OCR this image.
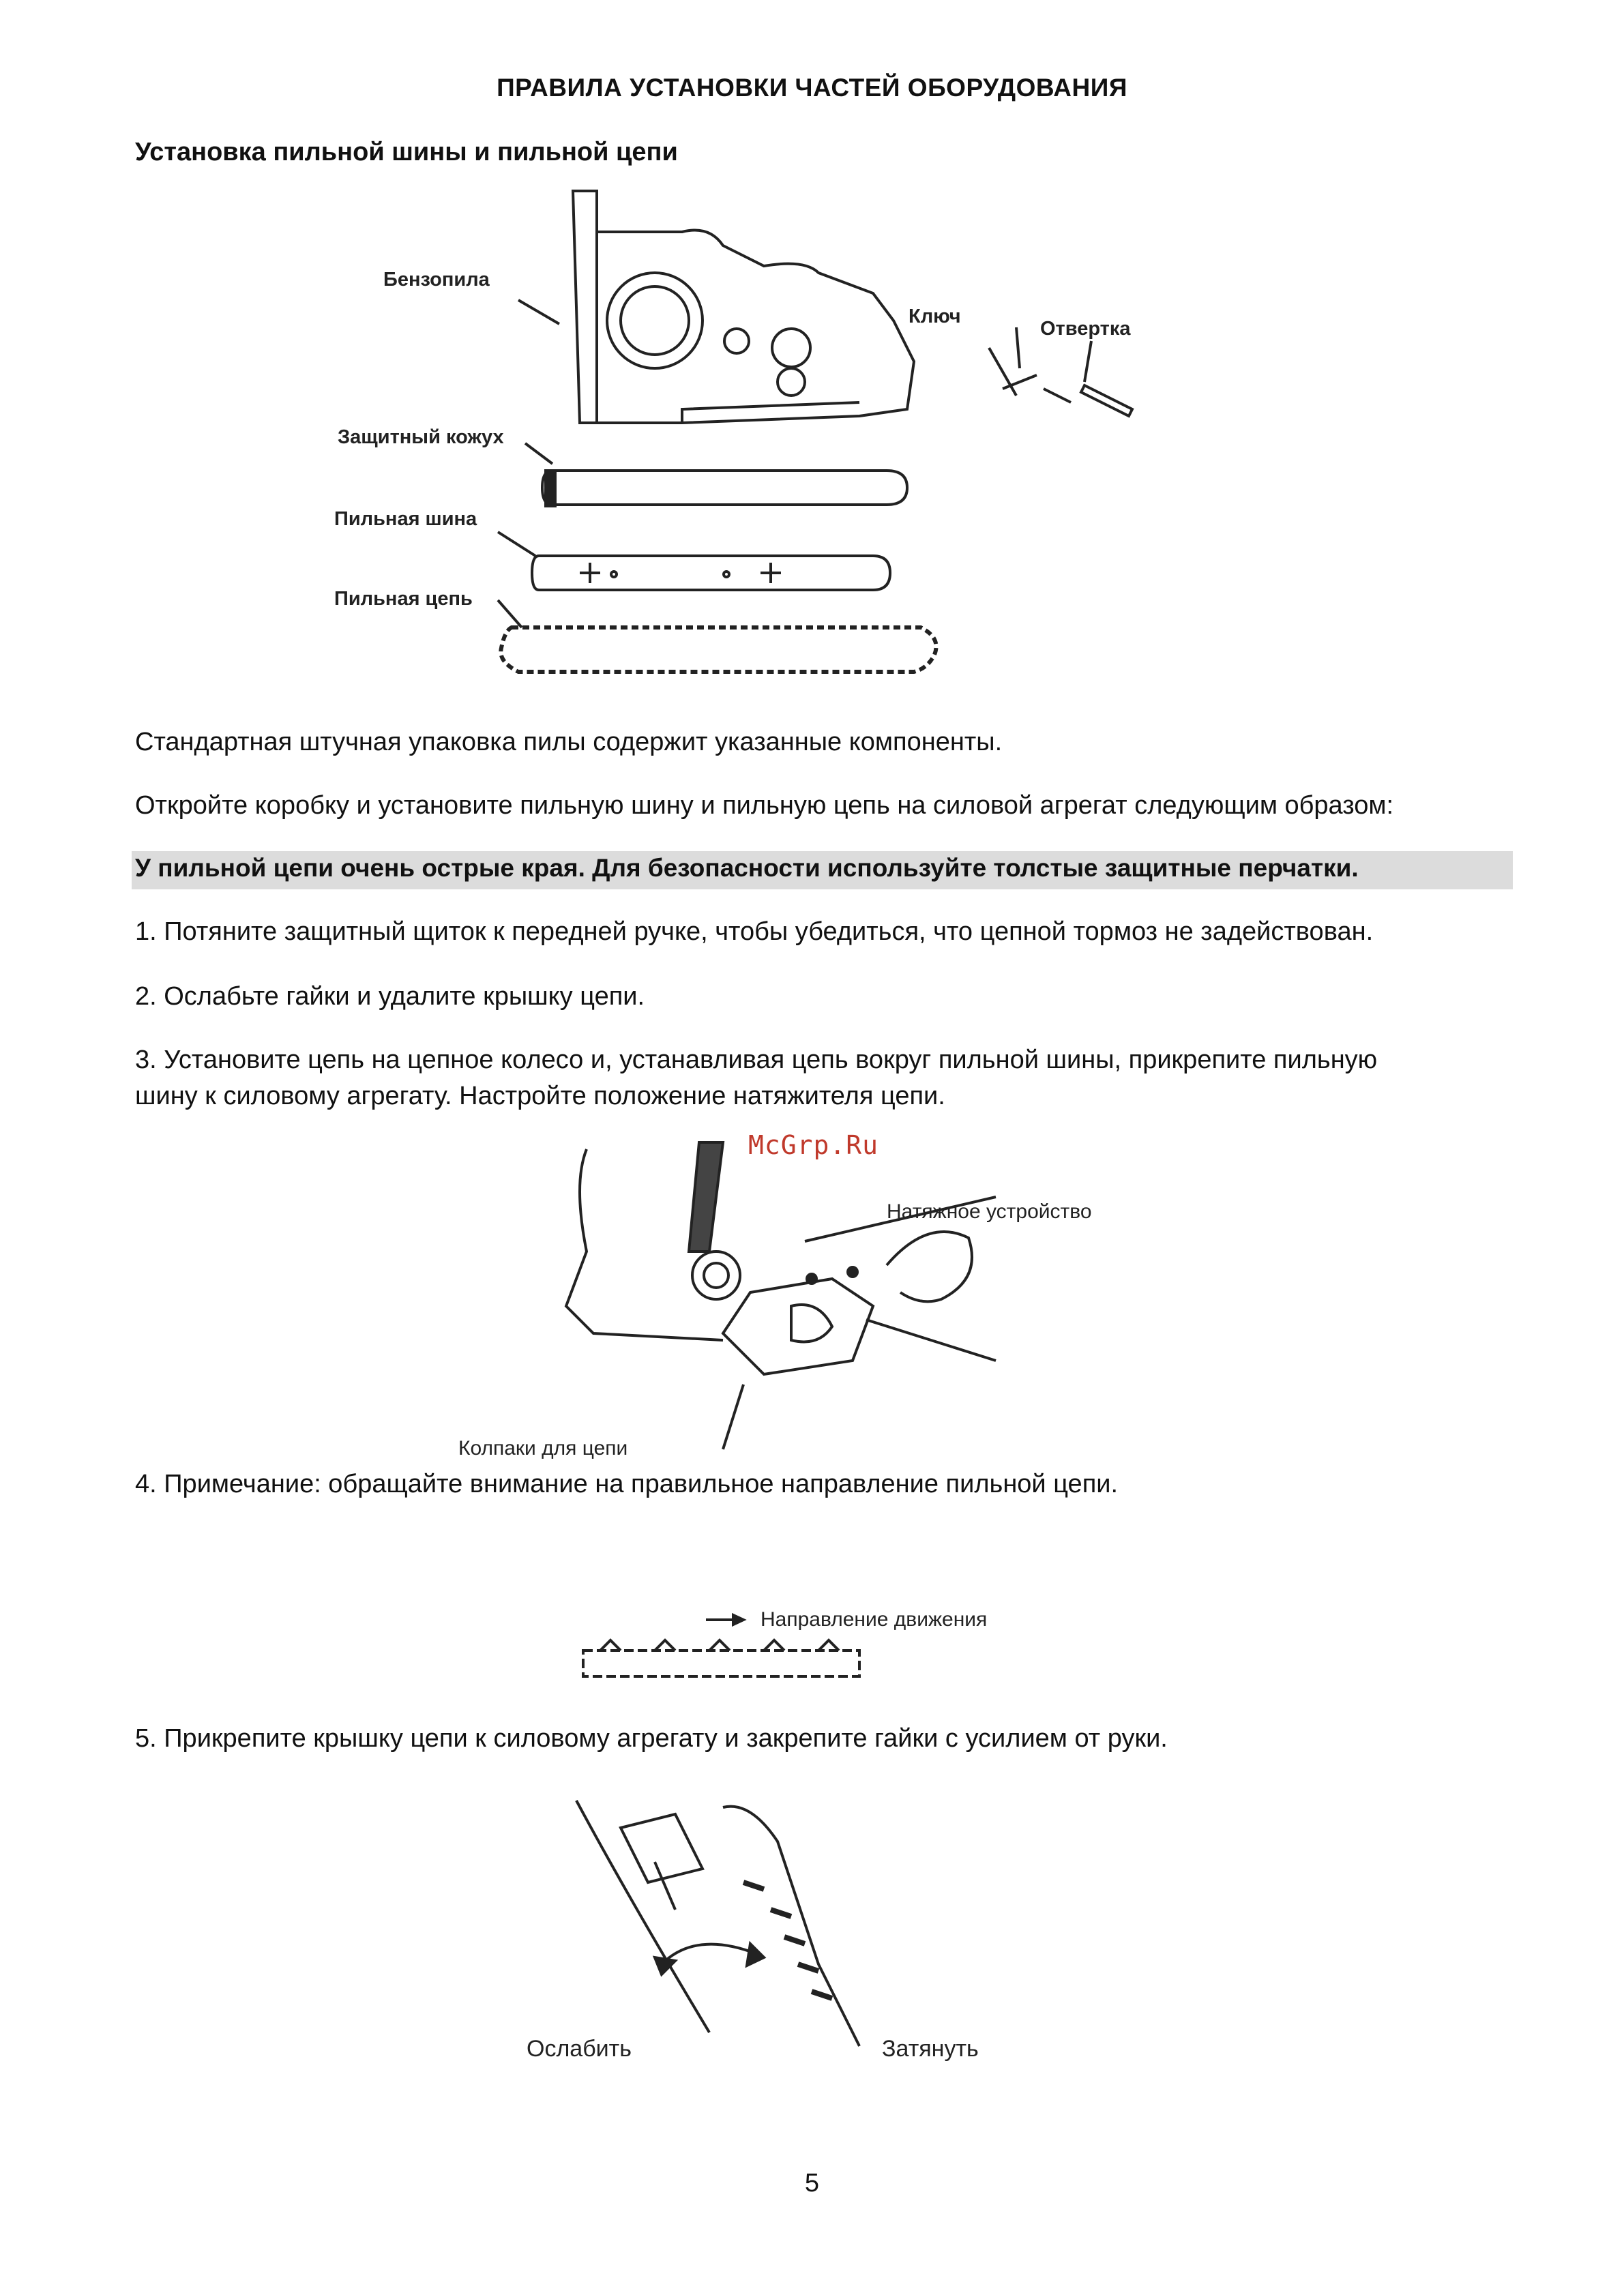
ПРАВИЛА УСТАНОВКИ ЧАСТЕЙ ОБОРУДОВАНИЯ
Установка пильной шины и пильной цепи
Бензопила
Ключ
Отвертка
Защитный кожух
Пильная шина
Пильная цепь
Стандартная штучная упаковка пилы содержит указанные компоненты.
Откройте коробку и установите пильную шину и пильную цепь на силовой агрегат следующим образом:
У пильной цепи очень острые края. Для безопасности используйте толстые защитные перчатки.
1. Потяните защитный щиток к передней ручке, чтобы убедиться, что цепной тормоз не задействован.
2. Ослабьте гайки и удалите крышку цепи.
3. Установите цепь на цепное колесо и, устанавливая цепь вокруг пильной шины, прикрепите пильную
шину к силовому агрегату. Настройте положение натяжителя цепи.
McGrp.Ru
Натяжное устройство
Колпаки для цепи
4. Примечание: обращайте внимание на правильное направление пильной цепи.
Направление движения
5. Прикрепите крышку цепи к силовому агрегату и закрепите гайки с усилием от руки.
Ослабить	Затянуть
5
